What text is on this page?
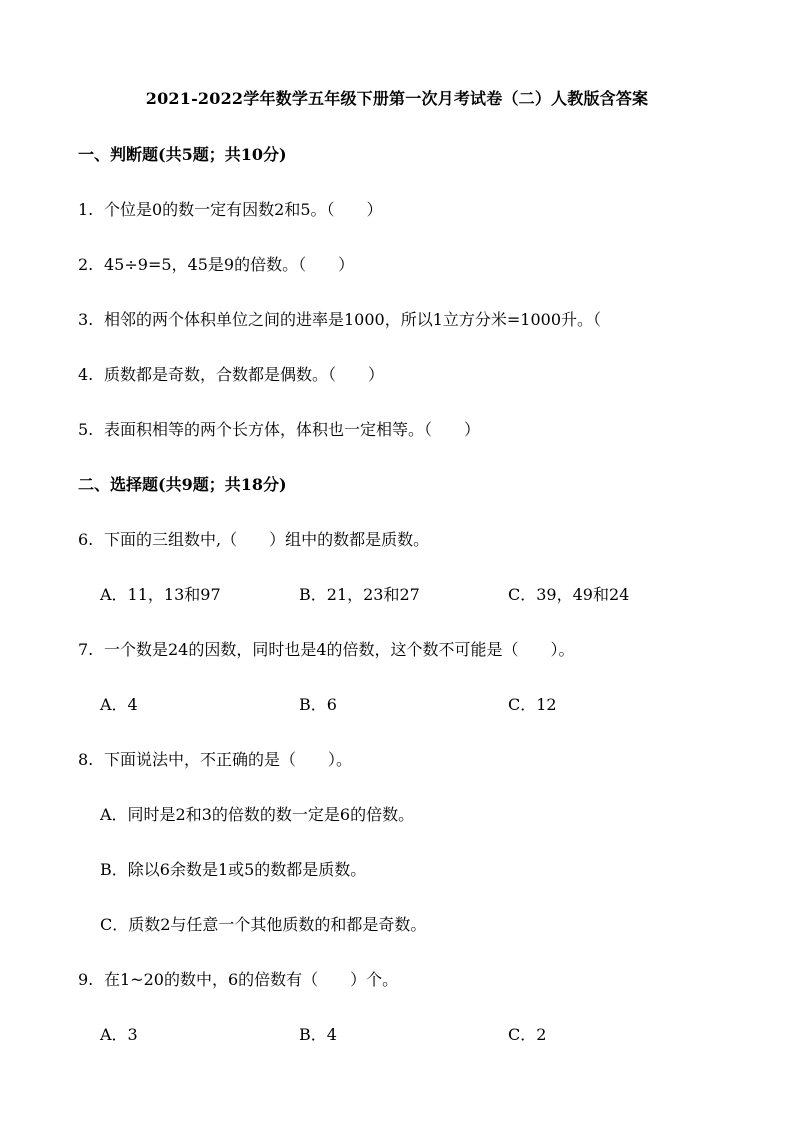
2021-2022学年数学五年级下册第一次月考试卷（二）人教版含答案
一、判断题(共5题；共10分)
1. 个位是0的数一定有因数2和5。（　　）
2. 45÷9=5，45是9的倍数。（　　）
3. 相邻的两个体积单位之间的进率是1000，所以1立方分米=1000升。（
4. 质数都是奇数，合数都是偶数。（　　）
5. 表面积相等的两个长方体，体积也一定相等。（　　）
二、选择题(共9题；共18分)
6. 下面的三组数中,（　　）组中的数都是质数。
A．11，13和97	B．21，23和27	C．39，49和24
7. 一个数是24的因数，同时也是4的倍数，这个数不可能是（　　）。
A．4	B．6	C．12
8. 下面说法中，不正确的是（　　）。
A．同时是2和3的倍数的数一定是6的倍数。
B．除以6余数是1或5的数都是质数。
C．质数2与任意一个其他质数的和都是奇数。
9. 在1~20的数中，6的倍数有（　　）个。
A．3	B．4	C．2
